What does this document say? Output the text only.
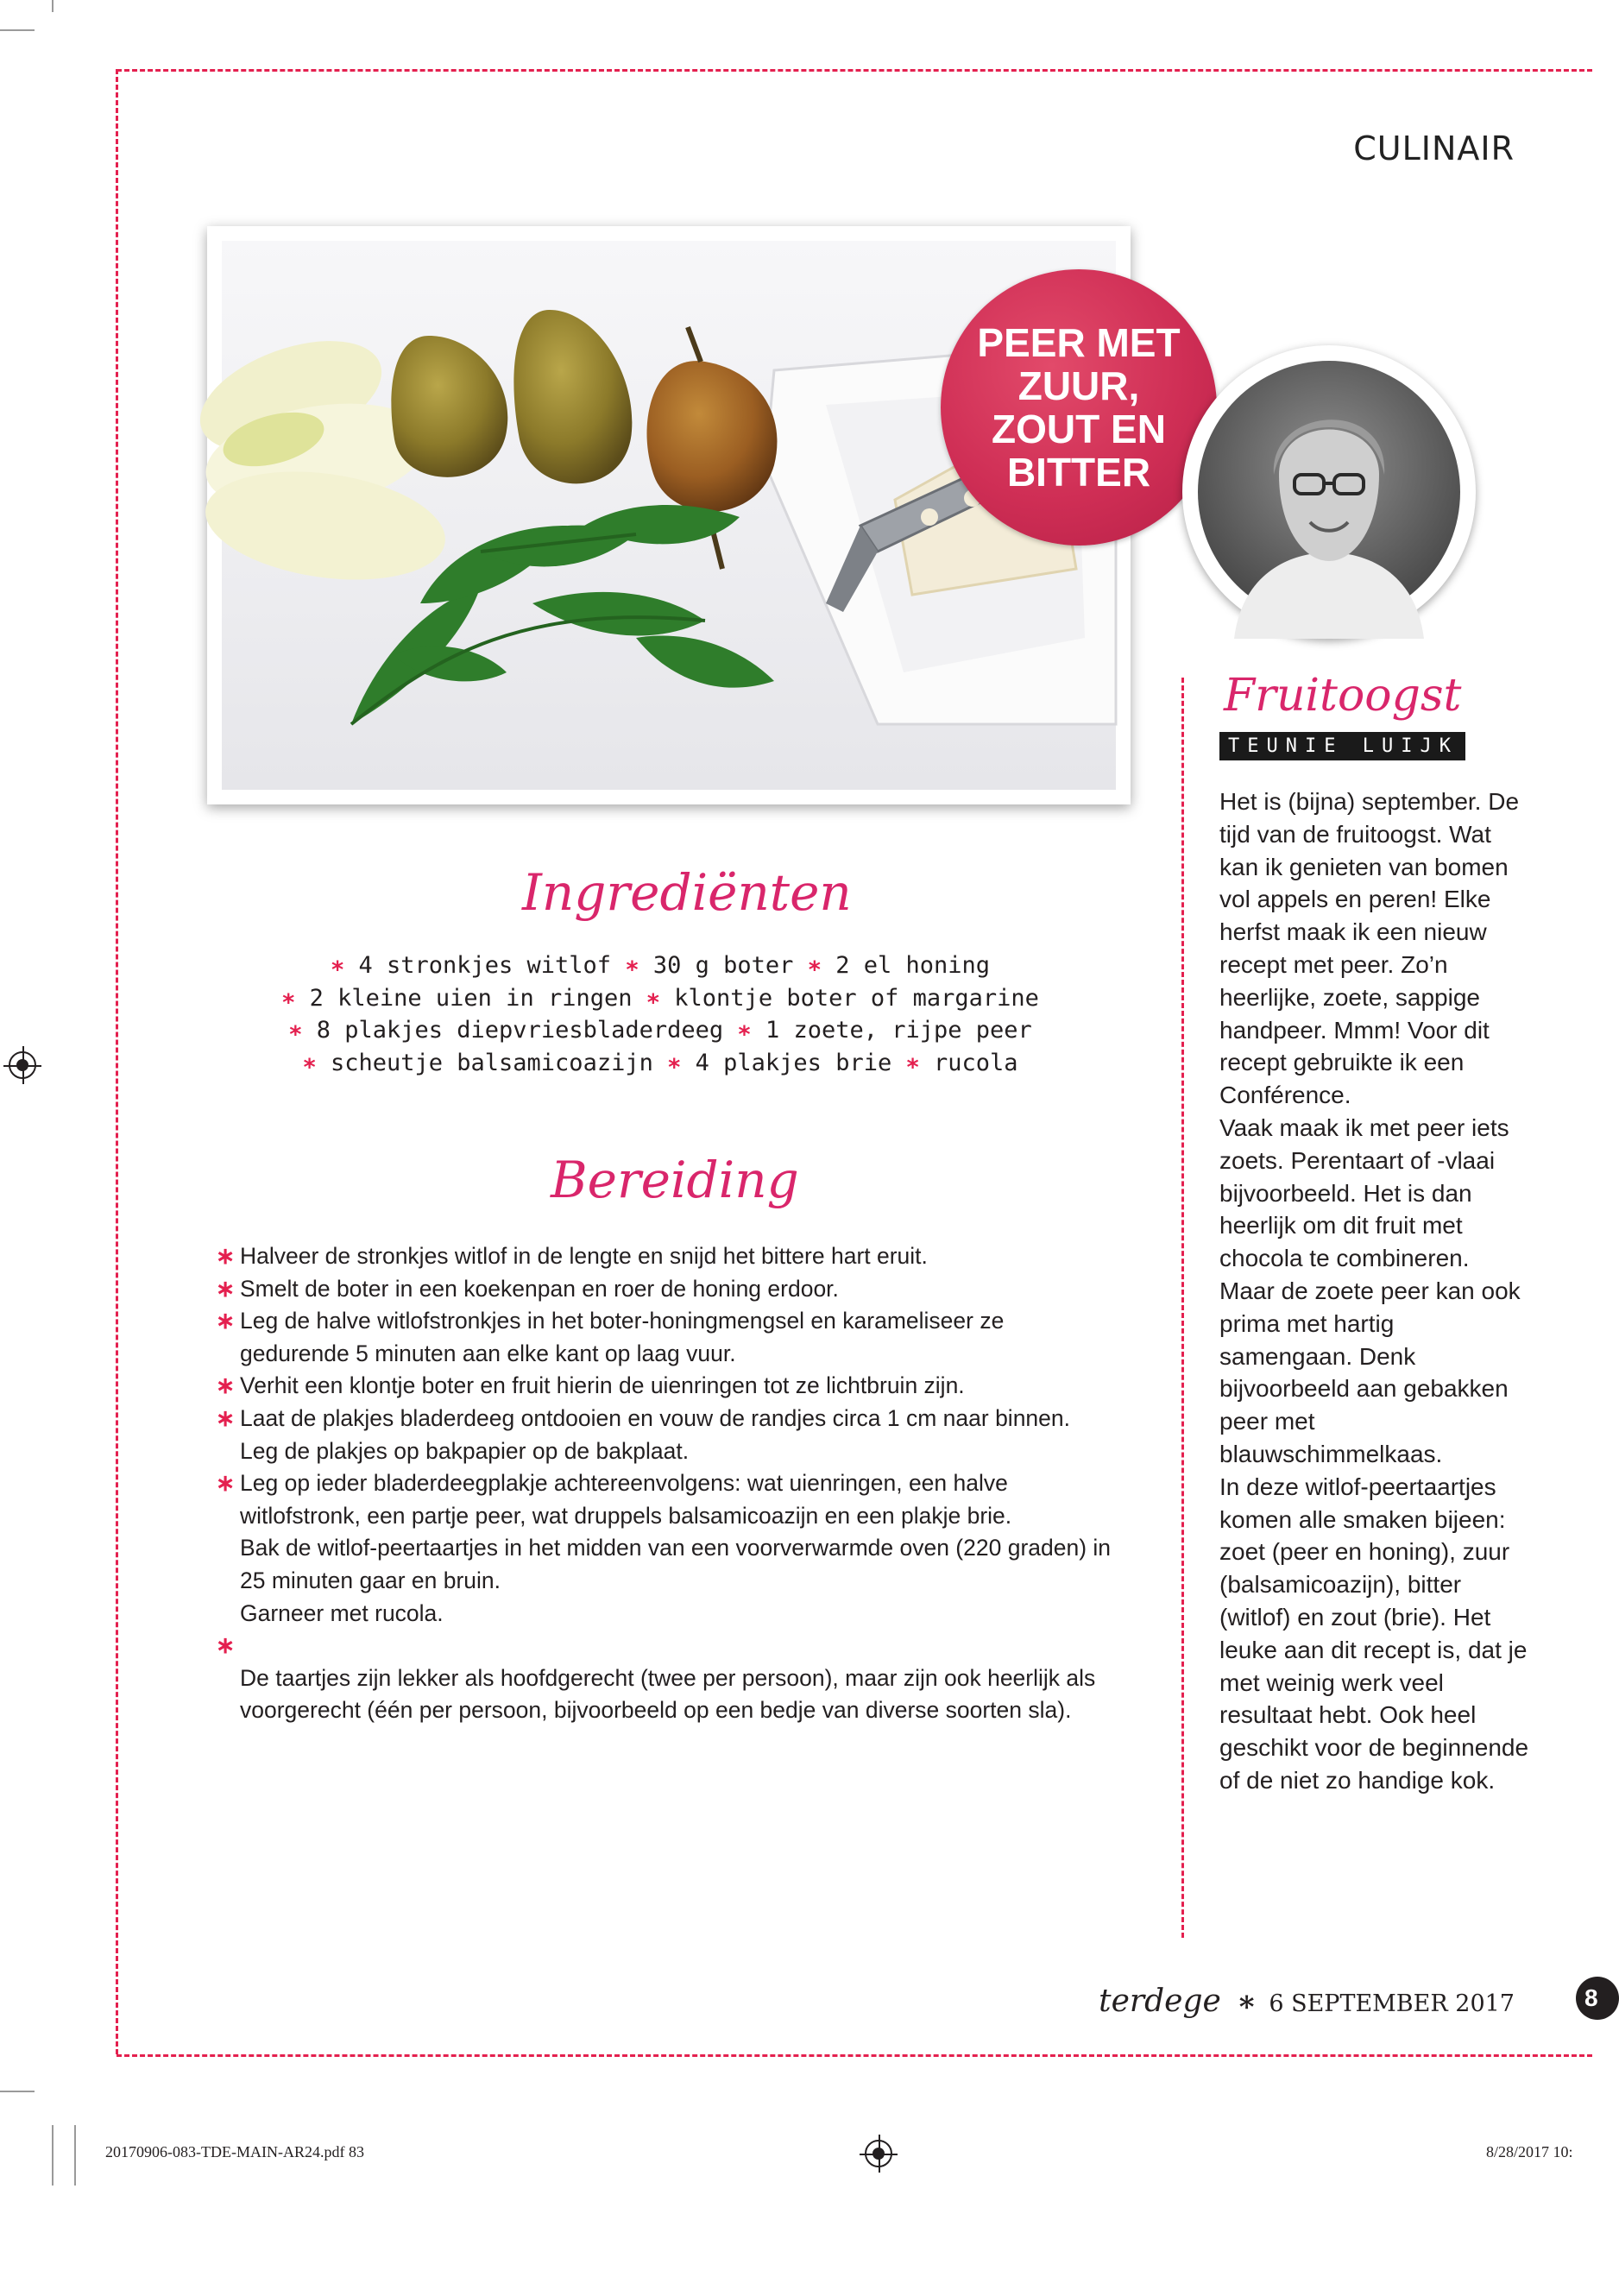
CULINAIR
PEER MET ZUUR, ZOUT EN BITTER
Fruitoogst
TEUNIE LUIJK

Het is (bijna) september. De tijd van de fruitoogst. Wat kan ik genieten van bomen vol appels en peren! Elke herfst maak ik een nieuw recept met peer. Zo’n heerlijke, zoete, sappige handpeer. Mmm! Voor dit recept gebruikte ik een Conférence.

Vaak maak ik met peer iets zoets. Perentaart of -vlaai bijvoorbeeld. Het is dan heerlijk om dit fruit met chocola te combineren. Maar de zoete peer kan ook prima met hartig samengaan. Denk bijvoorbeeld aan gebakken peer met blauwschimmelkaas.

In deze witlof-peertaartjes komen alle smaken bijeen: zoet (peer en honing), zuur (balsamicoazijn), bitter (witlof) en zout (brie). Het leuke aan dit recept is, dat je met weinig werk veel resultaat hebt. Ook heel geschikt voor de beginnende of de niet zo handige kok.

Ingrediënten
∗ 4 stronkjes witlof ∗ 30 g boter ∗ 2 el honing
∗ 2 kleine uien in ringen ∗ klontje boter of margarine
∗ 8 plakjes diepvriesbladerdeeg ∗ 1 zoete, rijpe peer
∗ scheutje balsamicoazijn ∗ 4 plakjes brie ∗ rucola
Bereiding
∗ Halveer de stronkjes witlof in de lengte en snijd het bittere hart eruit.
∗ Smelt de boter in een koekenpan en roer de honing erdoor.
∗ Leg de halve witlofstronkjes in het boter-honingmengsel en karameliseer ze gedurende 5 minuten aan elke kant op laag vuur.
∗ Verhit een klontje boter en fruit hierin de uienringen tot ze lichtbruin zijn.
∗ Laat de plakjes bladerdeeg ontdooien en vouw de randjes circa 1 cm naar binnen. Leg de plakjes op bakpapier op de bakplaat.
∗ Leg op ieder bladerdeegplakje achtereenvolgens: wat uienringen, een halve witlofstronk, een partje peer, wat druppels balsamicoazijn en een plakje brie.
Bak de witlof-peertaartjes in het midden van een voorverwarmde oven (220 graden) in 25 minuten gaar en bruin.
Garneer met rucola.
∗

De taartjes zijn lekker als hoofdgerecht (twee per persoon), maar zijn ook heerlijk als voorgerecht (één per persoon, bijvoorbeeld op een bedje van diverse soorten sla).
terdege ∗ 6 SEPTEMBER 2017	8
20170906-083-TDE-MAIN-AR24.pdf 83	8/28/2017 10:
